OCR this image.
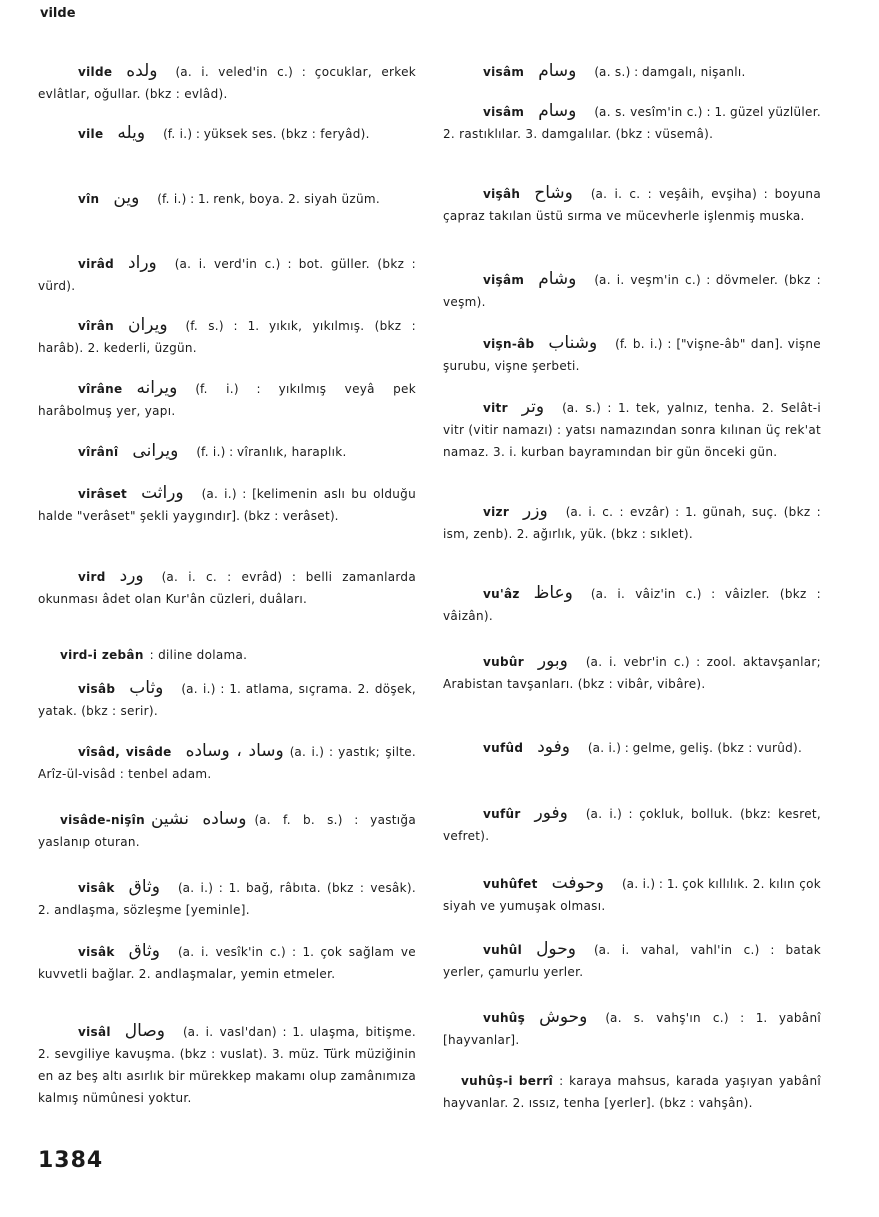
vilde
vilde ولده (a. i. veled'in c.) : çocuklar, erkek evlâtlar, oğullar. (bkz : evlâd).
vile ويله (f. i.) : yüksek ses. (bkz : feryâd).
vîn وين (f. i.) : 1. renk, boya. 2. siyah üzüm.
virâd وراد (a. i. verd'in c.) : bot. güller. (bkz : vürd).
vîrân ويران (f. s.) : 1. yıkık, yıkılmış. (bkz : harâb). 2. kederli, üzgün.
vîrâne ويرانه (f. i.) : yıkılmış veyâ pek harâbolmuş yer, yapı.
vîrânî ويرانى (f. i.) : vîranlık, haraplık.
virâset وراثت (a. i.) : [kelimenin aslı bu olduğu halde "verâset" şekli yaygındır]. (bkz : verâset).
vird ورد (a. i. c. : evrâd) : belli zamanlarda okunması âdet olan Kur'ân cüzleri, duâları.
vird-i zebân : diline dolama.
visâb وثاب (a. i.) : 1. atlama, sıçrama. 2. döşek, yatak. (bkz : serir).
vîsâd, visâde وساد ، وساده (a. i.) : yastık; şilte. Arîz-ül-visâd : tenbel adam.
visâde-nişîn وساده نشين (a. f. b. s.) : yastığa yaslanıp oturan.
visâk وثاق (a. i.) : 1. bağ, râbıta. (bkz : vesâk). 2. andlaşma, sözleşme [yeminle].
visâk وثاق (a. i. vesîk'in c.) : 1. çok sağlam ve kuvvetli bağlar. 2. andlaşmalar, yemin etmeler.
visâl وصال (a. i. vasl'dan) : 1. ulaşma, bitişme. 2. sevgiliye kavuşma. (bkz : vuslat). 3. müz. Türk müziğinin en az beş altı asırlık bir mürekkep makamı olup zamânımıza kalmış nümûnesi yoktur.
visâm وسام (a. s.) : damgalı, nişanlı.
visâm وسام (a. s. vesîm'in c.) : 1. güzel yüzlüler. 2. rastıklılar. 3. damgalılar. (bkz : vüsemâ).
vişâh وشاح (a. i. c. : veşâih, evşiha) : boyuna çapraz takılan üstü sırma ve mücevherle işlenmiş muska.
vişâm وشام (a. i. veşm'in c.) : dövmeler. (bkz : veşm).
vişn-âb وشناب (f. b. i.) : ["vişne-âb" dan]. vişne şurubu, vişne şerbeti.
vitr وتر (a. s.) : 1. tek, yalnız, tenha. 2. Selât-i vitr (vitir namazı) : yatsı namazından sonra kılınan üç rek'at namaz. 3. i. kurban bayramından bir gün önceki gün.
vizr وزر (a. i. c. : evzâr) : 1. günah, suç. (bkz : ism, zenb). 2. ağırlık, yük. (bkz : sıklet).
vu'âz وعاظ (a. i. vâiz'in c.) : vâizler. (bkz : vâizân).
vubûr وبور (a. i. vebr'in c.) : zool. aktavşanlar; Arabistan tavşanları. (bkz : vibâr, vibâre).
vufûd وفود (a. i.) : gelme, geliş. (bkz : vurûd).
vufûr وفور (a. i.) : çokluk, bolluk. (bkz: kesret, vefret).
vuhûfet وحوفت (a. i.) : 1. çok kıllılık. 2. kılın çok siyah ve yumuşak olması.
vuhûl وحول (a. i. vahal, vahl'in c.) : batak yerler, çamurlu yerler.
vuhûş وحوش (a. s. vahş'ın c.) : 1. yabânî [hayvanlar].
vuhûş-i berrî : karaya mahsus, karada yaşıyan yabânî hayvanlar. 2. ıssız, tenha [yerler]. (bkz : vahşân).
1384
